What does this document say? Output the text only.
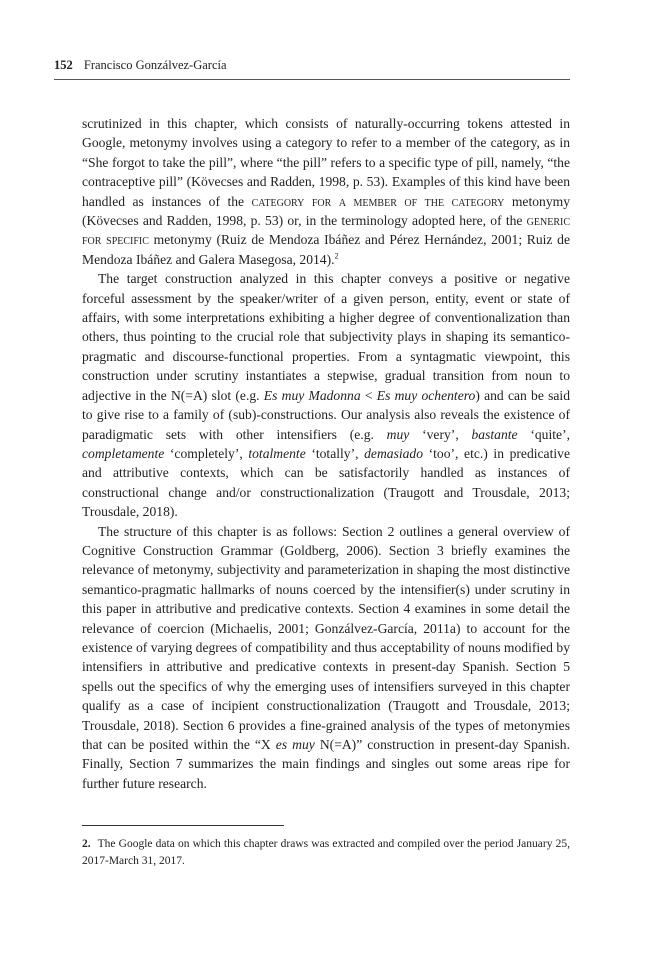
152 Francisco Gonzálvez-García

scrutinized in this chapter, which consists of naturally-occurring tokens attested in Google, metonymy involves using a category to refer to a member of the category, as in “She forgot to take the pill”, where “the pill” refers to a specific type of pill, namely, “the contraceptive pill” (Kövecses and Radden, 1998, p. 53). Examples of this kind have been handled as instances of the category for a member of the category metonymy (Kövecses and Radden, 1998, p. 53) or, in the terminology adopted here, of the generic for specific metonymy (Ruiz de Mendoza Ibáñez and Pérez Hernández, 2001; Ruiz de Mendoza Ibáñez and Galera Masegosa, 2014).$^2$

The target construction analyzed in this chapter conveys a positive or negative forceful assessment by the speaker/writer of a given person, entity, event or state of affairs, with some interpretations exhibiting a higher degree of conventionalization than others, thus pointing to the crucial role that subjectivity plays in shaping its semantico-pragmatic and discourse-functional properties. From a syntagmatic viewpoint, this construction under scrutiny instantiates a stepwise, gradual transition from noun to adjective in the N(=A) slot (e.g. Es muy Madonna < Es muy ochentero) and can be said to give rise to a family of (sub)-constructions. Our analysis also reveals the existence of paradigmatic sets with other intensifiers (e.g. muy ‘very’, bastante ‘quite’, completamente ‘completely’, totalmente ‘totally’, demasiado ‘too’, etc.) in predicative and attributive contexts, which can be satisfactorily handled as instances of constructional change and/or constructionalization (Traugott and Trousdale, 2013; Trousdale, 2018).

The structure of this chapter is as follows: Section 2 outlines a general overview of Cognitive Construction Grammar (Goldberg, 2006). Section 3 briefly examines the relevance of metonymy, subjectivity and parameterization in shaping the most distinctive semantico-pragmatic hallmarks of nouns coerced by the intensifier(s) under scrutiny in this paper in attributive and predicative contexts. Section 4 examines in some detail the relevance of coercion (Michaelis, 2001; Gonzálvez-García, 2011a) to account for the existence of varying degrees of compatibility and thus acceptability of nouns modified by intensifiers in attributive and predicative contexts in present-day Spanish. Section 5 spells out the specifics of why the emerging uses of intensifiers surveyed in this chapter qualify as a case of incipient constructionalization (Traugott and Trousdale, 2013; Trousdale, 2018). Section 6 provides a fine-grained analysis of the types of metonymies that can be posited within the “X es muy N(=A)” construction in present-day Spanish. Finally, Section 7 summarizes the main findings and singles out some areas ripe for further future research.

2. The Google data on which this chapter draws was extracted and compiled over the period January 25, 2017-March 31, 2017.
